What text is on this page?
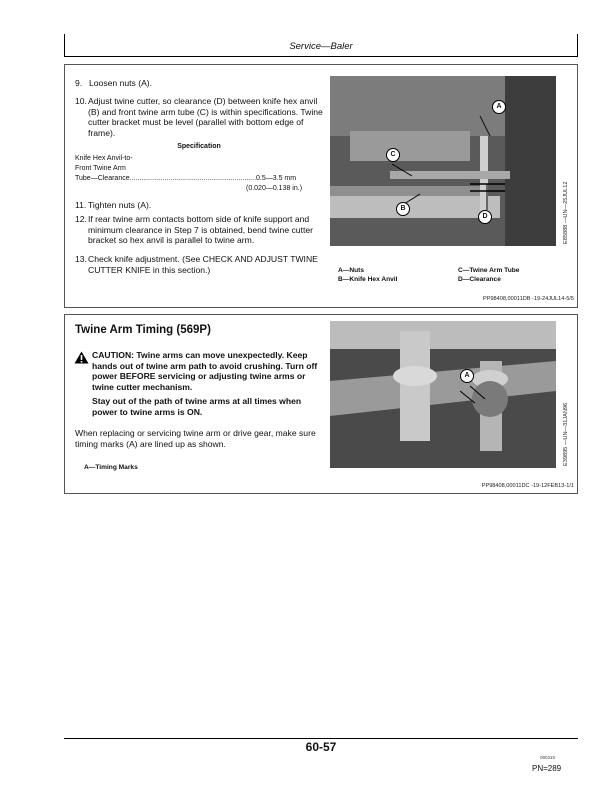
Service—Baler
9. Loosen nuts (A).
10. Adjust twine cutter, so clearance (D) between knife hex anvil (B) and front twine arm tube (C) is within specifications. Twine cutter bracket must be level (parallel with bottom edge of frame).
Specification
Knife Hex Anvil-to-
Front Twine Arm
Tube—Clearance.................................................................0.5—3.5 mm
(0.020—0.138 in.)
11. Tighten nuts (A).
12. If rear twine arm contacts bottom side of knife support and minimum clearance in Step 7 is obtained, bend twine cutter bracket so hex anvil is parallel to twine arm.
13. Check knife adjustment. (See CHECK AND ADJUST TWINE CUTTER KNIFE in this section.)
A
C
B
D	E85888 —UN—25JUL12
A—Nuts
B—Knife Hex Anvil
C—Twine Arm Tube
D—Clearance
PP98408,00011DB -19-24JUL14-5/5
Twine Arm Timing (569P)
CAUTION: Twine arms can move unexpectedly. Keep hands out of twine arm path to avoid crushing. Turn off power BEFORE servicing or adjusting twine arms or twine cutter mechanism.
Stay out of the path of twine arms at all times when power to twine arms is ON.
When replacing or servicing twine arm or drive gear, make sure timing marks (A) are lined up as shown.
A—Timing Marks
A
E39895 —UN—31JAN96
PP98408,00011DC -19-12FEB13-1/1
60-57
090315
PN=289
